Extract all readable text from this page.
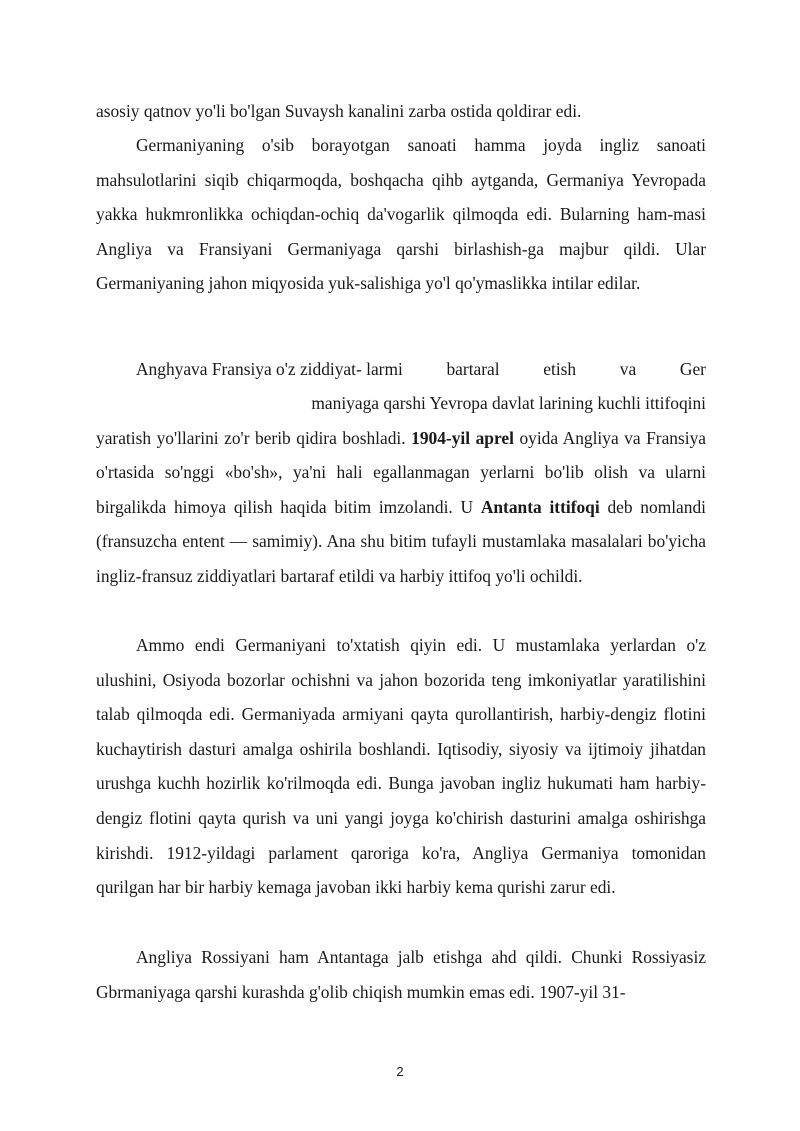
asosiy qatnov yo'li bo'lgan Suvaysh kanalini zarba ostida qoldirar edi.

Germaniyaning o'sib borayotgan sanoati hamma joyda ingliz sanoati mahsulotlarini siqib chiqarmoqda, boshqacha qihb aytganda, Germaniya Yevropada yakka hukmronlikka ochiqdan-ochiq da'vogarlik qilmoqda edi. Bularning ham-masi Angliya va Fransiyani Germaniyaga qarshi birlashish-ga majbur qildi. Ular Germaniyaning jahon miqyosida yuk-salishiga yo'l qo'ymaslikka intilar edilar.

Anghyava Fransiya o'z ziddiyat- larmi	bartaral	etish	va	Ger

maniyaga qarshi Yevropa davlat larining kuchli ittifoqini
yaratish yo'llarini zo'r berib qidira boshladi. 1904-yil aprel oyida Angliya va Fransiya o'rtasida so'nggi «bo'sh», ya'ni hali egallanmagan yerlarni bo'lib olish va ularni birgalikda himoya qilish haqida bitim imzolandi. U Antanta ittifoqi deb nomlandi (fransuzcha entent — samimiy). Ana shu bitim tufayli mustamlaka masalalari bo'yicha ingliz-fransuz ziddiyatlari bartaraf etildi va harbiy ittifoq yo'li ochildi.

Ammo endi Germaniyani to'xtatish qiyin edi. U mustamlaka yerlardan o'z ulushini, Osiyoda bozorlar ochishni va jahon bozorida teng imkoniyatlar yaratilishini talab qilmoqda edi. Germaniyada armiyani qayta qurollantirish, harbiy-dengiz flotini kuchaytirish dasturi amalga oshirila boshlandi. Iqtisodiy, siyosiy va ijtimoiy jihatdan urushga kuchh hozirlik ko'rilmoqda edi. Bunga javoban ingliz hukumati ham harbiy-dengiz flotini qayta qurish va uni yangi joyga ko'chirish dasturini amalga oshirishga kirishdi. 1912-yildagi parlament qaroriga ko'ra, Angliya Germaniya tomonidan qurilgan har bir harbiy kemaga javoban ikki harbiy kema qurishi zarur edi.

Angliya Rossiyani ham Antantaga jalb etishga ahd qildi. Chunki Rossiyasiz Gbrmaniyaga qarshi kurashda g'olib chiqish mumkin emas edi. 1907-yil 31-

2
